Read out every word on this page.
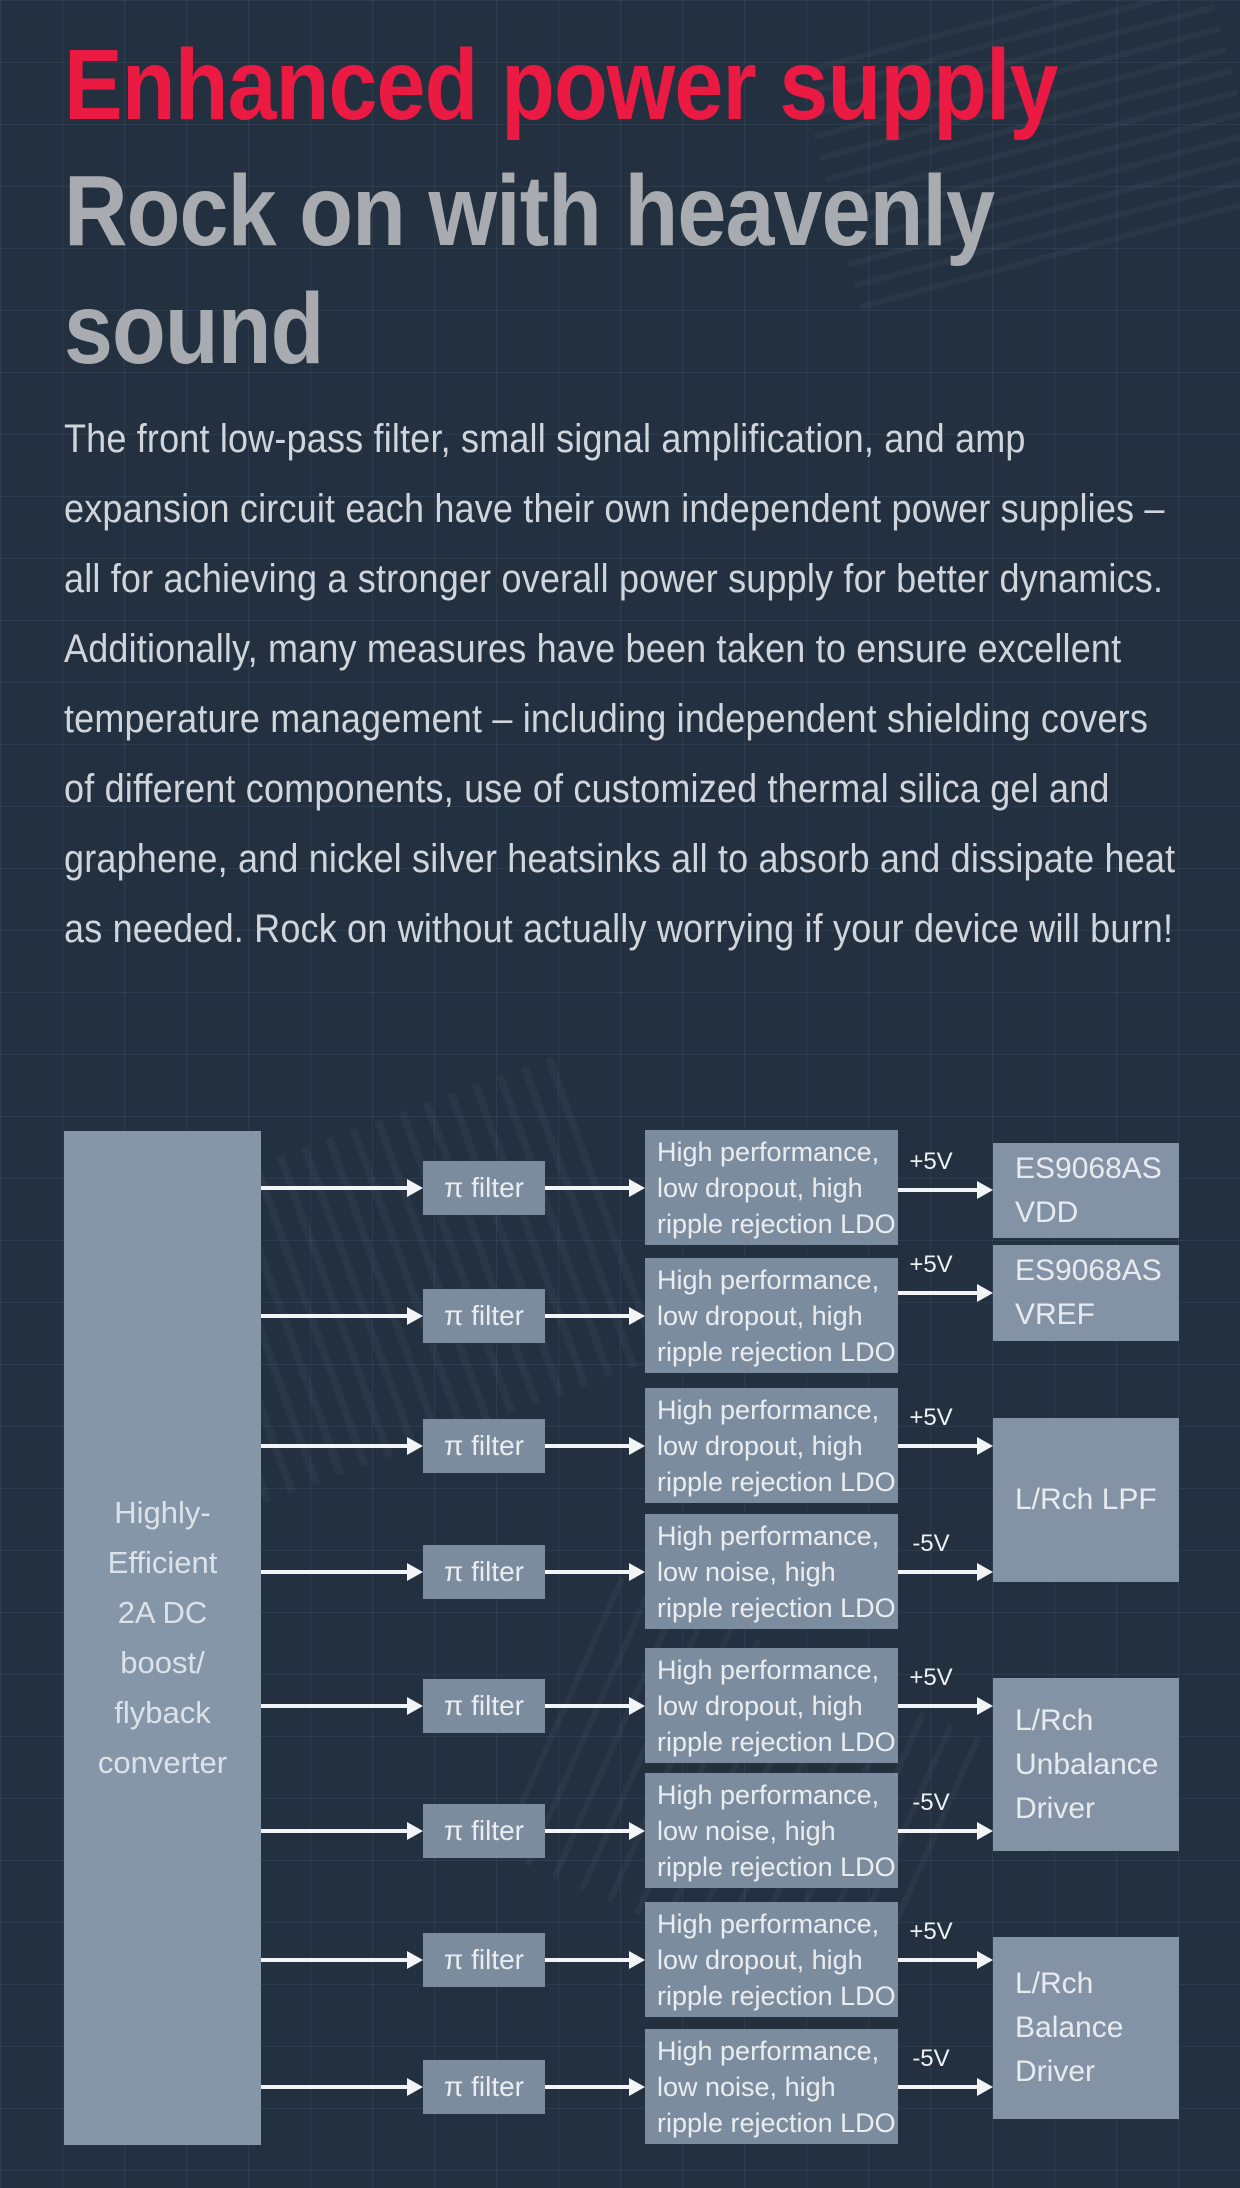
Enhanced power supply
Rock on with heavenly
sound

The front low-pass filter, small signal amplification, and amp expansion circuit each have their own independent power supplies – all for achieving a stronger overall power supply for better dynamics. Additionally, many measures have been taken to ensure excellent temperature management – including independent shielding covers of different components, use of customized thermal silica gel and graphene, and nickel silver heatsinks all to absorb and dissipate heat as needed. Rock on without actually worrying if your device will burn!

Highly-
Efficient
2A DC
boost/
flyback
converter
π filter
High performance,
low dropout, high
ripple rejection LDO
+5V
π filter
High performance,
low dropout, high
ripple rejection LDO
+5V
π filter
High performance,
low dropout, high
ripple rejection LDO
+5V
π filter
High performance,
low noise, high
ripple rejection LDO
-5V
π filter
High performance,
low dropout, high
ripple rejection LDO
+5V
π filter
High performance,
low noise, high
ripple rejection LDO
-5V
π filter
High performance,
low dropout, high
ripple rejection LDO
+5V
π filter
High performance,
low noise, high
ripple rejection LDO
-5V
ES9068AS
VDD
ES9068AS
VREF
L/Rch LPF
L/Rch
Unbalance
Driver
L/Rch
Balance
Driver
